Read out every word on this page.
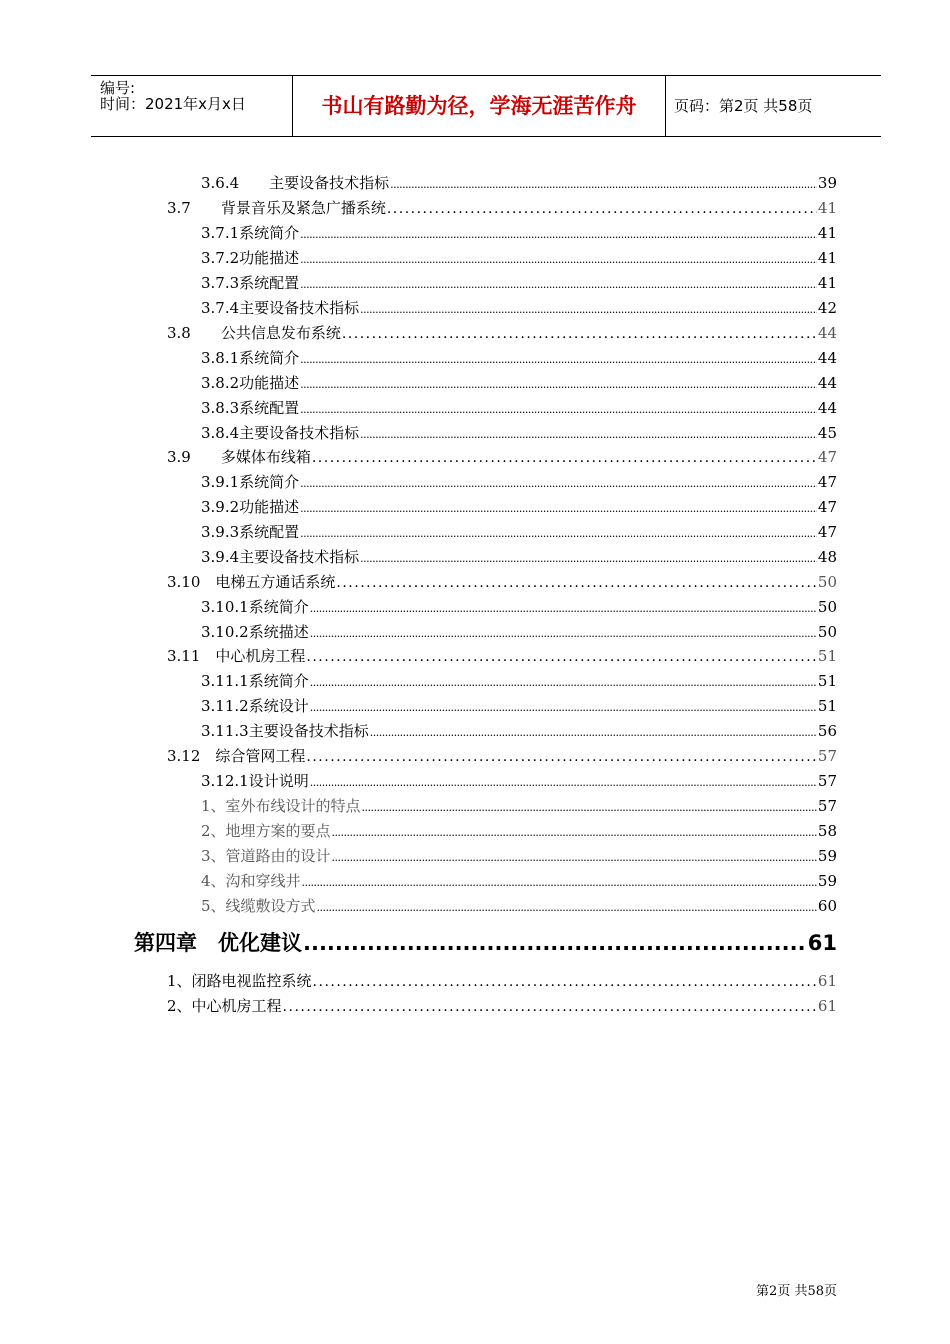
编号:
时间：2021年x月x日	书山有路勤为径，学海无涯苦作舟	页码：第2页 共58页
3.6.4　　主要设备技术指标 .....	39
3.7　　背景音乐及紧急广播系统 .....	41
3.7.1系统简介 .....	41
3.7.2功能描述 .....	41
3.7.3系统配置 .....	41
3.7.4主要设备技术指标 .....	42
3.8　　公共信息发布系统 .....	44
3.8.1系统简介 .....	44
3.8.2功能描述 .....	44
3.8.3系统配置 .....	44
3.8.4主要设备技术指标 .....	45
3.9　　多媒体布线箱 .....	47
3.9.1系统简介 .....	47
3.9.2功能描述 .....	47
3.9.3系统配置 .....	47
3.9.4主要设备技术指标 .....	48
3.10　电梯五方通话系统 .....	50
3.10.1系统简介 .....	50
3.10.2系统描述 .....	50
3.11　中心机房工程 .....	51
3.11.1系统简介 .....	51
3.11.2系统设计 .....	51
3.11.3主要设备技术指标 .....	56
3.12　综合管网工程 .....	57
3.12.1设计说明 .....	57
1、室外布线设计的特点 .....	57
2、地埋方案的要点 .....	58
3、管道路由的设计 .....	59
4、沟和穿线井 .....	59
5、线缆敷设方式 .....	60
第四章　优化建议 .....	61
1、闭路电视监控系统 .....	61
2、中心机房工程 .....	61
第2页 共58页
